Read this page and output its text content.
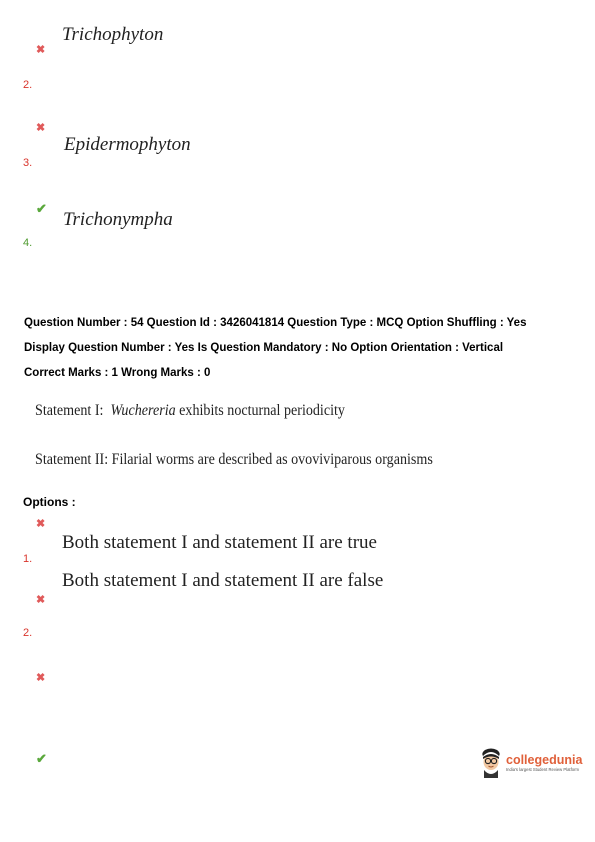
Trichophyton
✖
2.
✖
Epidermophyton
3.
✔
Trichonympha
4.
Question Number : 54 Question Id : 3426041814 Question Type : MCQ Option Shuffling : Yes
Display Question Number : Yes Is Question Mandatory : No Option Orientation : Vertical
Correct Marks : 1 Wrong Marks : 0
Statement I:  Wuchereria exhibits nocturnal periodicity
Statement II: Filarial worms are described as ovoviviparous organisms
Options :
✖
Both statement I and statement II are true
1.
Both statement I and statement II are false
✖
2.
✖
✔	collegedunia
India's largest Student Review Platform
